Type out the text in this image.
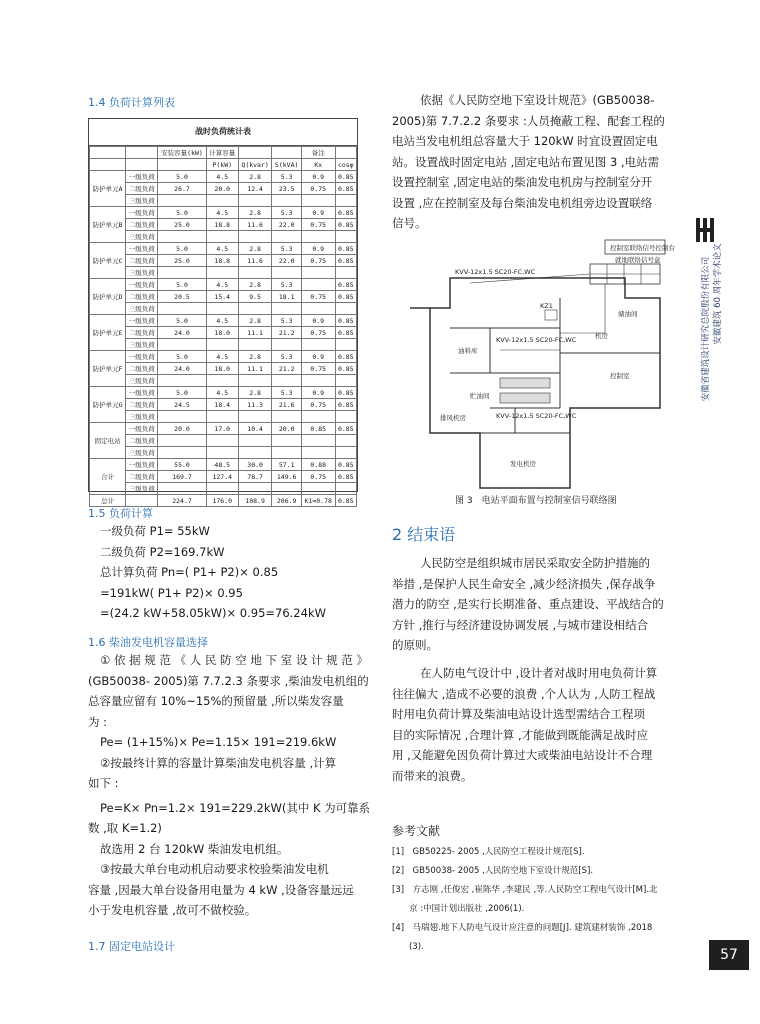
1.4 负荷计算列表
战时负荷统计表
		安装容量(kW)	计算容量			备注	
			P(kW)	Q(kvar)	S(kVA)	Kx	cosφ
防护单元A	一级负荷	5.0	4.5	2.8	5.3	0.9	0.85
	二级负荷	26.7	20.0	12.4	23.5	0.75	0.85
	三级负荷						
防护单元B	一级负荷	5.0	4.5	2.8	5.3	0.9	0.85
	二级负荷	25.0	18.8	11.6	22.0	0.75	0.85
	三级负荷						
防护单元C	一级负荷	5.0	4.5	2.8	5.3	0.9	0.85
	二级负荷	25.0	18.8	11.6	22.0	0.75	0.85
	三级负荷						
防护单元D	一级负荷	5.0	4.5	2.8	5.3		0.85
	二级负荷	20.5	15.4	9.5	18.1	0.75	0.85
	三级负荷						
防护单元E	一级负荷	5.0	4.5	2.8	5.3	0.9	0.85
	二级负荷	24.0	18.0	11.1	21.2	0.75	0.85
	三级负荷						
防护单元F	一级负荷	5.0	4.5	2.8	5.3	0.9	0.85
	二级负荷	24.0	18.0	11.1	21.2	0.75	0.85
	三级负荷						
防护单元G	一级负荷	5.0	4.5	2.8	5.3	0.9	0.85
	二级负荷	24.5	18.4	11.3	21.6	0.75	0.85
	三级负荷						
固定电站	一级负荷	20.0	17.0	10.4	20.0	0.85	0.85
	二级负荷						
	三级负荷						
合计	一级负荷	55.0	48.5	30.0	57.1	0.88	0.85
	二级负荷	169.7	127.4	78.7	149.6	0.75	0.85
	三级负荷						
总计		224.7	176.0	108.9	206.9	K1=0.78	0.85
1.5 负荷计算
一级负荷 P1= 55kW
二级负荷 P2=169.7kW
总计算负荷 Pn=( P1+ P2)× 0.85
=191kW( P1+ P2)× 0.95
=(24.2 kW+58.05kW)× 0.95=76.24kW
1.6 柴油发电机容量选择
① 依 据 规 范 《 人 民 防 空 地 下 室 设 计 规 范 》
(GB50038- 2005)第 7.7.2.3 条要求 ,柴油发电机组的
总容量应留有 10%~15%的预留量 ,所以柴发容量
为 :
Pe= (1+15%)× Pe=1.15× 191=219.6kW
②按最终计算的容量计算柴油发电机容量 ,计算
如下 :
Pe=K× Pn=1.2× 191=229.2kW(其中 K 为可靠系
数 ,取 K=1.2)
故选用 2 台 120kW 柴油发电机组。
③按最大单台电动机启动要求校验柴油发电机
容量 ,因最大单台设备用电量为 4 kW ,设备容量远远
小于发电机容量 ,故可不做校验。
1.7 固定电站设计
依据《人民防空地下室设计规范》(GB50038-
2005)第 7.7.2.2 条要求 :人员掩蔽工程、配套工程的
电站当发电机组总容量大于 120kW 时宜设置固定电
站。设置战时固定电站 ,固定电站布置见图 3 ,电站需
设置控制室 ,固定电站的柴油发电机房与控制室分开
设置 ,应在控制室及每台柴油发电机组旁边设置联络
信号。
控制室联络信号控制台
就地联络信号盒
KVV-12x1.5 SC20-FC,WC
KVV-12x1.5 SC20-FC,WC
KVV-12x1.5 SC20-FC,WC
KZ1
油料库
贮油间
控制室
储油间
机房
排风机房
发电机房
图 3　电站平面布置与控制室信号联络图
2 结束语
人民防空是组织城市居民采取安全防护措施的
举措 ,是保护人民生命安全 ,减少经济损失 ,保存战争
潜力的防空 ,是实行长期准备、重点建设、平战结合的
方针 ,推行与经济建设协调发展 ,与城市建设相结合
的原则。
在人防电气设计中 ,设计者对战时用电负荷计算
往往偏大 ,造成不必要的浪费 ,个人认为 ,人防工程战
时用电负荷计算及柴油电站设计选型需结合工程项
目的实际情况 ,合理计算 ,才能做到既能满足战时应
用 ,又能避免因负荷计算过大或柴油电站设计不合理
而带来的浪费。
参考文献
[1]　GB50225- 2005 ,人民防空工程设计规范[S].
[2]　GB50038- 2005 ,人民防空地下室设计规范[S].
[3]　方志刚 ,任俊宏 ,崔陈华 ,李建民 ,等.人民防空工程电气设计[M].北
　　京 :中国计划出版社 ,2006(1).
[4]　马瑞翅.地下人防电气设计应注意的问题[J]. 建筑建材装饰 ,2018
　　(3).
安徽省建筑设计研究总院股份有限公司 安徽建筑 60 周年学术论文
57
